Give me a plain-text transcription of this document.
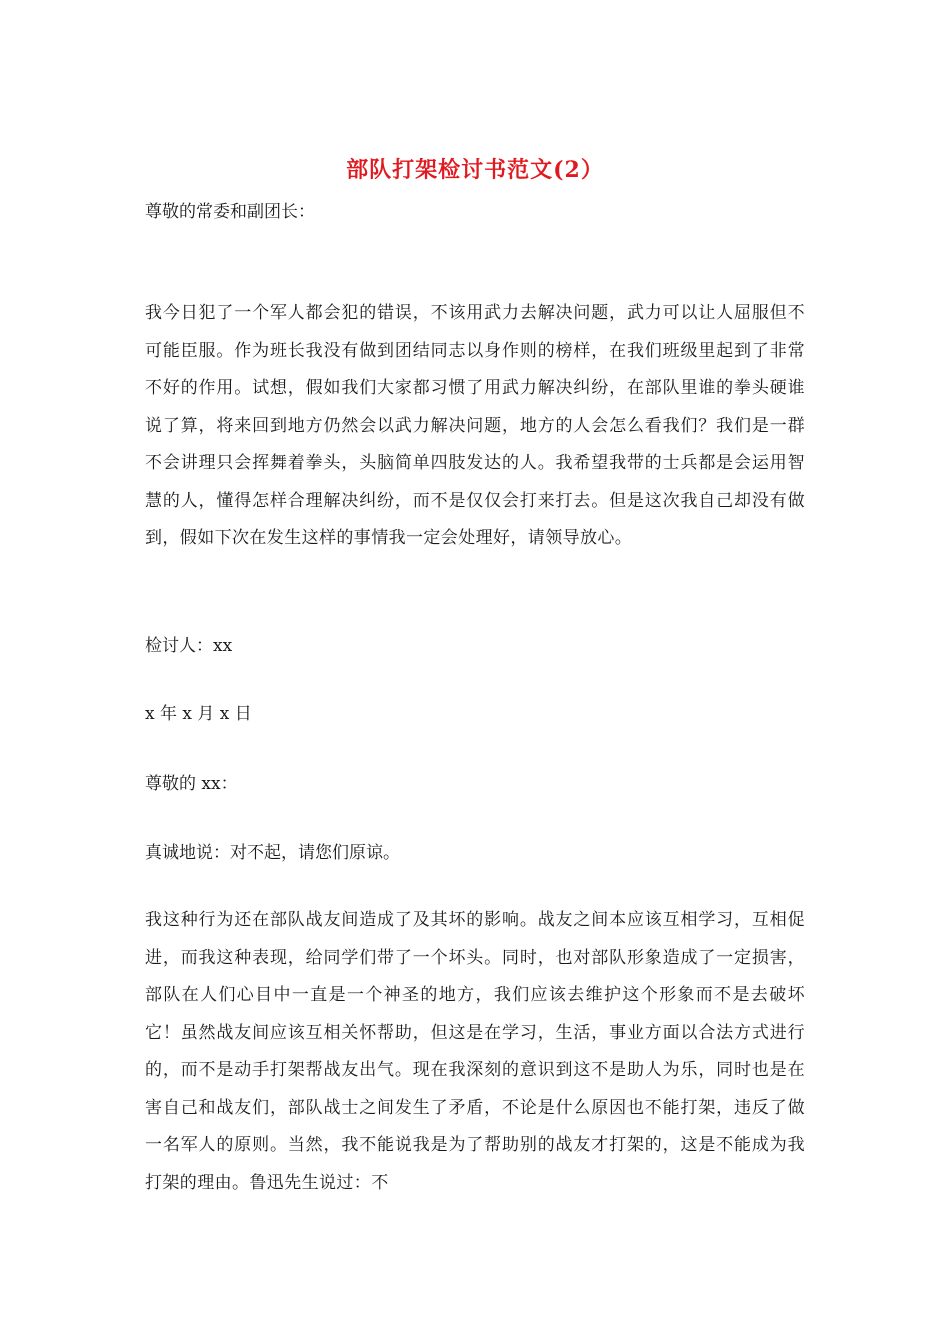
部队打架检讨书范文(2）
尊敬的常委和副团长：
我今日犯了一个军人都会犯的错误，不该用武力去解决问题，武力可以让人屈服但不可能臣服。作为班长我没有做到团结同志以身作则的榜样，在我们班级里起到了非常不好的作用。试想，假如我们大家都习惯了用武力解决纠纷，在部队里谁的拳头硬谁说了算，将来回到地方仍然会以武力解决问题，地方的人会怎么看我们？我们是一群不会讲理只会挥舞着拳头，头脑简单四肢发达的人。我希望我带的士兵都是会运用智慧的人，懂得怎样合理解决纠纷，而不是仅仅会打来打去。但是这次我自己却没有做到，假如下次在发生这样的事情我一定会处理好，请领导放心。
检讨人：xx
x 年 x 月 x 日
尊敬的 xx：
真诚地说：对不起，请您们原谅。
我这种行为还在部队战友间造成了及其坏的影响。战友之间本应该互相学习，互相促进，而我这种表现，给同学们带了一个坏头。同时，也对部队形象造成了一定损害，部队在人们心目中一直是一个神圣的地方，我们应该去维护这个形象而不是去破坏它！虽然战友间应该互相关怀帮助，但这是在学习，生活，事业方面以合法方式进行的，而不是动手打架帮战友出气。现在我深刻的意识到这不是助人为乐，同时也是在害自己和战友们，部队战士之间发生了矛盾，不论是什么原因也不能打架，违反了做一名军人的原则。当然，我不能说我是为了帮助别的战友才打架的，这是不能成为我打架的理由。鲁迅先生说过：不
